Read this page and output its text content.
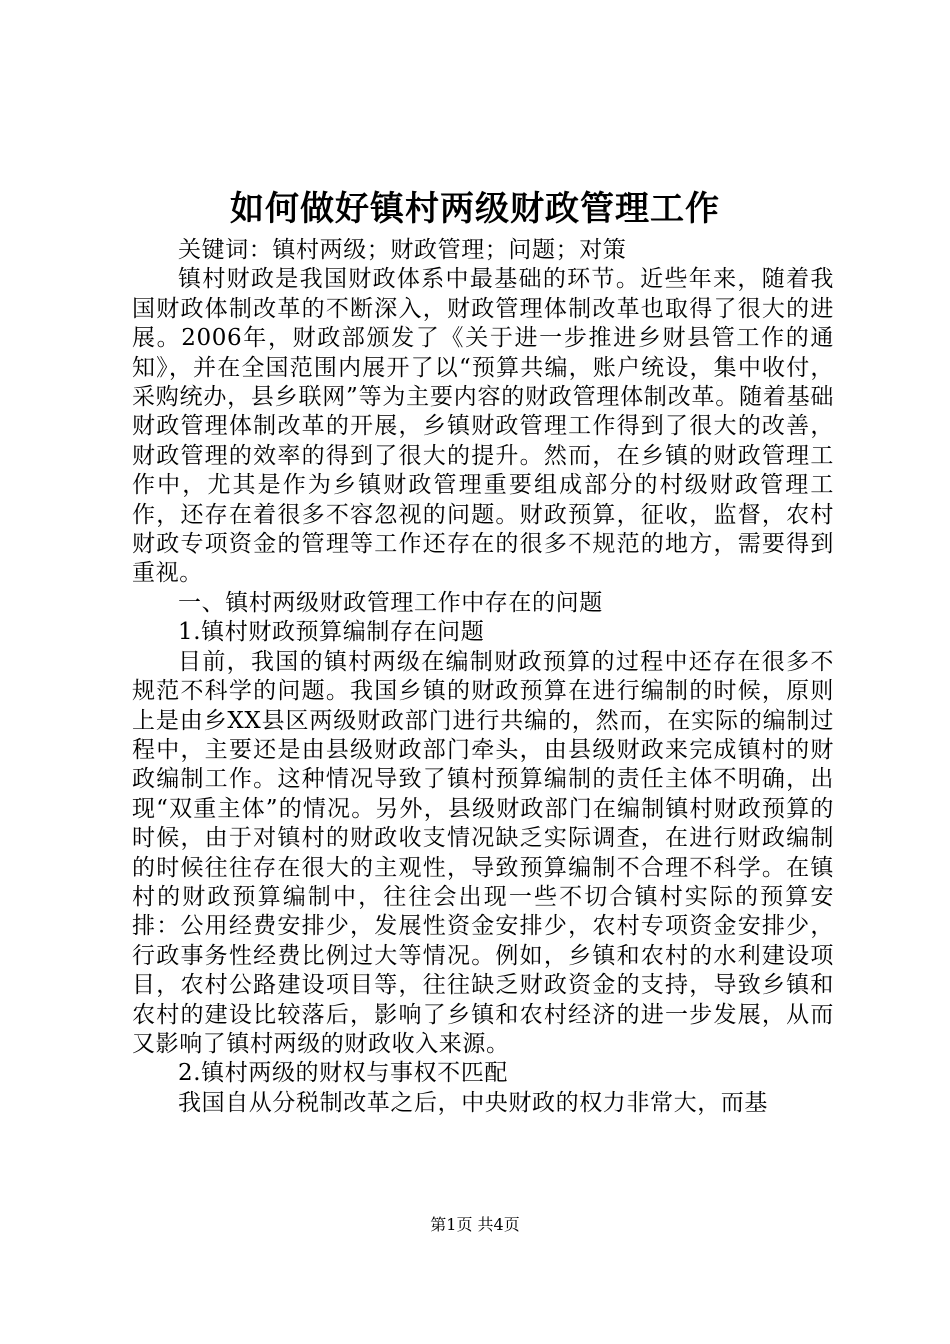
如何做好镇村两级财政管理工作

关键词：镇村两级；财政管理；问题；对策

镇村财政是我国财政体系中最基础的环节。近些年来，随着我国财政体制改革的不断深入，财政管理体制改革也取得了很大的进展。2006年，财政部颁发了《关于进一步推进乡财县管工作的通知》，并在全国范围内展开了以“预算共编，账户统设，集中收付，采购统办，县乡联网”等为主要内容的财政管理体制改革。随着基础财政管理体制改革的开展，乡镇财政管理工作得到了很大的改善，财政管理的效率的得到了很大的提升。然而，在乡镇的财政管理工作中，尤其是作为乡镇财政管理重要组成部分的村级财政管理工作，还存在着很多不容忽视的问题。财政预算，征收，监督，农村财政专项资金的管理等工作还存在的很多不规范的地方，需要得到重视。

一、镇村两级财政管理工作中存在的问题

1.镇村财政预算编制存在问题

目前，我国的镇村两级在编制财政预算的过程中还存在很多不规范不科学的问题。我国乡镇的财政预算在进行编制的时候，原则上是由乡XX县区两级财政部门进行共编的，然而，在实际的编制过程中，主要还是由县级财政部门牵头，由县级财政来完成镇村的财政编制工作。这种情况导致了镇村预算编制的责任主体不明确，出现“双重主体”的情况。另外，县级财政部门在编制镇村财政预算的时候，由于对镇村的财政收支情况缺乏实际调查，在进行财政编制的时候往往存在很大的主观性，导致预算编制不合理不科学。在镇村的财政预算编制中，往往会出现一些不切合镇村实际的预算安排：公用经费安排少，发展性资金安排少，农村专项资金安排少，行政事务性经费比例过大等情况。例如，乡镇和农村的水利建设项目，农村公路建设项目等，往往缺乏财政资金的支持，导致乡镇和农村的建设比较落后，影响了乡镇和农村经济的进一步发展，从而又影响了镇村两级的财政收入来源。

2.镇村两级的财权与事权不匹配

我国自从分税制改革之后，中央财政的权力非常大，而基

第1页 共4页
